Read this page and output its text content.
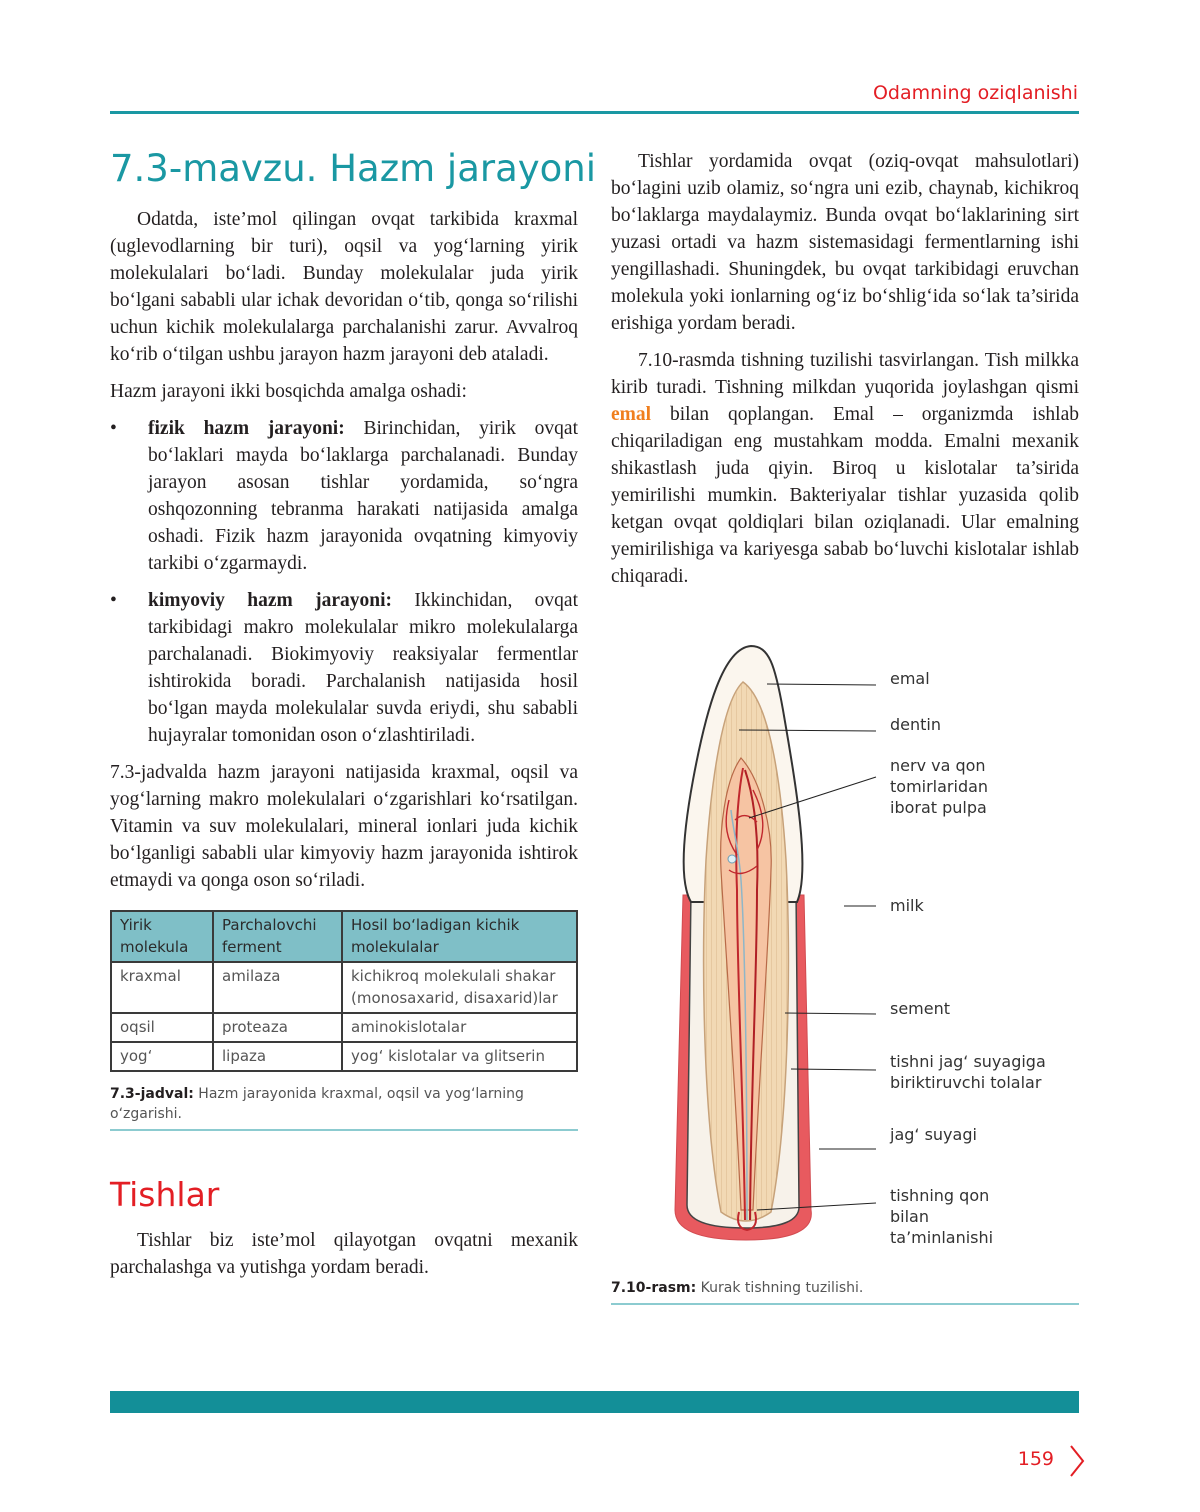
Odamning oziqlanishi
7.3-mavzu. Hazm jarayoni

Odatda, iste’mol qilingan ovqat tarkibida kraxmal (uglevodlarning bir turi), oqsil va yog‘larning yirik molekulalari bo‘ladi. Bunday molekulalar juda yirik bo‘lgani sababli ular ichak devoridan o‘tib, qonga so‘rilishi uchun kichik molekulalarga parchalanishi zarur. Avvalroq ko‘rib o‘tilgan ushbu jarayon hazm jarayoni deb ataladi.

Hazm jarayoni ikki bosqichda amalga oshadi:

• fizik hazm jarayoni: Birinchidan, yirik ovqat bo‘laklari mayda bo‘laklarga parchalanadi. Bunday jarayon asosan tishlar yordamida, so‘ngra oshqozonning tebranma harakati natijasida amalga oshadi. Fizik hazm jarayonida ovqatning kimyoviy tarkibi o‘zgarmaydi.
• kimyoviy hazm jarayoni: Ikkinchidan, ovqat tarkibidagi makro molekulalar mikro molekulalarga parchalanadi. Biokimyoviy reaksiyalar fermentlar ishtirokida boradi. Parchalanish natijasida hosil bo‘lgan mayda molekulalar suvda eriydi, shu sababli hujayralar tomonidan oson o‘zlashtiriladi.

7.3-jadvalda hazm jarayoni natijasida kraxmal, oqsil va yog‘larning makro molekulalari o‘zgarishlari ko‘rsatilgan. Vitamin va suv molekulalari, mineral ionlari juda kichik bo‘lganligi sababli ular kimyoviy hazm jarayonida ishtirok etmaydi va qonga oson so‘riladi.

Yirik molekula	Parchalovchi ferment	Hosil bo‘ladigan kichik molekulalar
kraxmal	amilaza	kichikroq molekulali shakar (monosaxarid, disaxarid)lar
oqsil	proteaza	aminokislotalar
yog‘	lipaza	yog‘ kislotalar va glitserin
7.3-jadval: Hazm jarayonida kraxmal, oqsil va yog‘larning o‘zgarishi.
Tishlar

Tishlar biz iste’mol qilayotgan ovqatni mexanik parchalashga va yutishga yordam beradi.

Tishlar yordamida ovqat (oziq-ovqat mahsulotlari) bo‘lagini uzib olamiz, so‘ngra uni ezib, chaynab, kichikroq bo‘laklarga maydalaymiz. Bunda ovqat bo‘laklarining sirt yuzasi ortadi va hazm sistemasidagi fermentlarning ishi yengillashadi. Shuningdek, bu ovqat tarkibidagi eruvchan molekula yoki ionlarning og‘iz bo‘shlig‘ida so‘lak ta’sirida erishiga yordam beradi.

7.10-rasmda tishning tuzilishi tasvirlangan. Tish milkka kirib turadi. Tishning milkdan yuqorida joylashgan qismi emal bilan qoplangan. Emal – organizmda ishlab chiqariladigan eng mustahkam modda. Emalni mexanik shikastlash juda qiyin. Biroq u kislotalar ta’sirida yemirilishi mumkin. Bakteriyalar tishlar yuzasida qolib ketgan ovqat qoldiqlari bilan oziqlanadi. Ular emalning yemirilishiga va kariyesga sabab bo‘luvchi kislotalar ishlab chiqaradi.

emal
dentin
nerv va qon
tomirlaridan
iborat pulpa
milk
sement
tishni jag‘ suyagiga
biriktiruvchi tolalar
jag‘ suyagi
tishning qon
bilan
ta’minlanishi
7.10-rasm: Kurak tishning tuzilishi.
159
